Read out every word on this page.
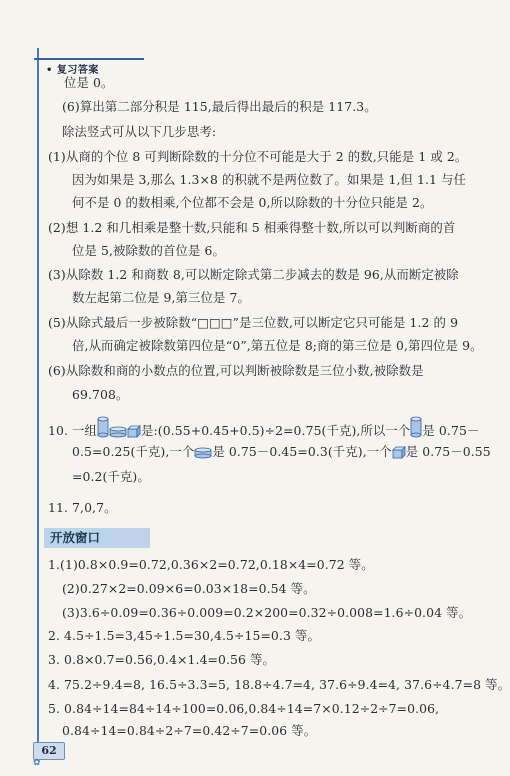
• 复习答案
位是 0。
(6)算出第二部分积是 115,最后得出最后的积是 117.3。
除法竖式可从以下几步思考:
(1)从商的个位 8 可判断除数的十分位不可能是大于 2 的数,只能是 1 或 2。
因为如果是 3,那么 1.3×8 的积就不是两位数了。如果是 1,但 1.1 与任
何不是 0 的数相乘,个位都不会是 0,所以除数的十分位只能是 2。
(2)想 1.2 和几相乘是整十数,只能和 5 相乘得整十数,所以可以判断商的首
位是 5,被除数的首位是 6。
(3)从除数 1.2 和商数 8,可以断定除式第二步减去的数是 96,从而断定被除
数左起第二位是 9,第三位是 7。
(5)从除式最后一步被除数“□□□”是三位数,可以断定它只可能是 1.2 的 9
倍,从而确定被除数第四位是“0”,第五位是 8;商的第三位是 0,第四位是 9。
(6)从除数和商的小数点的位置,可以判断被除数是三位小数,被除数是
69.708。
10. 一组	是:(0.55+0.45+0.5)÷2=0.75(千克),所以一个 是 0.75－
0.5=0.25(千克),一个 是 0.75－0.45=0.3(千克),一个 是 0.75－0.55
=0.2(千克)。
11. 7,0,7。
开放窗口
1.(1)0.8×0.9=0.72,0.36×2=0.72,0.18×4=0.72 等。
(2)0.27×2=0.09×6=0.03×18=0.54 等。
(3)3.6÷0.09=0.36÷0.009=0.2×200=0.32÷0.008=1.6÷0.04 等。
2. 4.5÷1.5=3,45÷1.5=30,4.5÷15=0.3 等。
3. 0.8×0.7=0.56,0.4×1.4=0.56 等。
4. 75.2÷9.4=8, 16.5÷3.3=5, 18.8÷4.7=4, 37.6÷9.4=4, 37.6÷4.7=8 等。
5. 0.84÷14=84÷14÷100=0.06,0.84÷14=7×0.12÷2÷7=0.06,
0.84÷14=0.84÷2÷7=0.42÷7=0.06 等。
62
✿
